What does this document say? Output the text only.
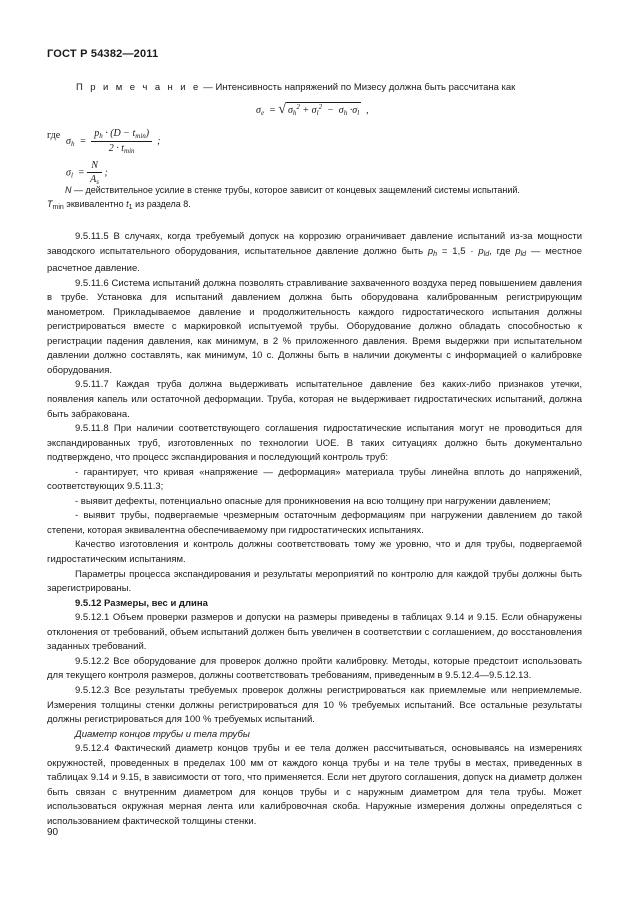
ГОСТ Р 54382—2011
П р и м е ч а н и е — Интенсивность напряжений по Мизесу должна быть рассчитана как
$\sigma_e$  = √ $\sigma_h^2 + \sigma_l^2 - \sigma_h \cdot\sigma_l$  ,
где
$\sigma_h = \frac{p_h \cdot (D - t_{min})}{2 \cdot t_{min}}$ ;
$\sigma_l = \frac{N}{A_s}$ ;

N — действительное усилие в стенке трубы, которое зависит от концевых защемлений системы испытаний.

$T_{min}$ эквивалентно $t_1$ из раздела 8.

9.5.11.5 В случаях, когда требуемый допуск на коррозию ограничивает давление испытаний из-за мощности заводского испытательного оборудования, испытательное давление должно быть $p_h = 1,5 \cdot p_{ld}$, где $p_{ld}$ — местное расчетное давление.

9.5.11.6 Система испытаний должна позволять стравливание захваченного воздуха перед повышением давления в трубе. Установка для испытаний давлением должна быть оборудована калиброванным регистрирующим манометром. Прикладываемое давление и продолжительность каждого гидростатического испытания должны регистрироваться вместе с маркировкой испытуемой трубы. Оборудование должно обладать способностью к регистрации падения давления, как минимум, в 2 % приложенного давления. Время выдержки при испытательном давлении должно составлять, как минимум, 10 с. Должны быть в наличии документы с информацией о калибровке оборудования.

9.5.11.7 Каждая труба должна выдерживать испытательное давление без каких-либо признаков утечки, появления капель или остаточной деформации. Труба, которая не выдерживает гидростатических испытаний, должна быть забракована.

9.5.11.8 При наличии соответствующего соглашения гидростатические испытания могут не проводиться для экспандированных труб, изготовленных по технологии UOE. В таких ситуациях должно быть документально подтверждено, что процесс экспандирования и последующий контроль труб:

- гарантирует, что кривая «напряжение — деформация» материала трубы линейна вплоть до напряжений, соответствующих 9.5.11.3;

- выявит дефекты, потенциально опасные для проникновения на всю толщину при нагружении давлением;

- выявит трубы, подвергаемые чрезмерным остаточным деформациям при нагружении давлением до такой степени, которая эквивалентна обеспечиваемому при гидростатических испытаниях.

Качество изготовления и контроль должны соответствовать тому же уровню, что и для трубы, подвергаемой гидростатическим испытаниям.

Параметры процесса экспандирования и результаты мероприятий по контролю для каждой трубы должны быть зарегистрированы.

9.5.12 Размеры, вес и длина

9.5.12.1 Объем проверки размеров и допуски на размеры приведены в таблицах 9.14 и 9.15. Если обнаружены отклонения от требований, объем испытаний должен быть увеличен в соответствии с соглашением, до восстановления заданных требований.

9.5.12.2 Все оборудование для проверок должно пройти калибровку. Методы, которые предстоит использовать для текущего контроля размеров, должны соответствовать требованиям, приведенным в 9.5.12.4—9.5.12.13.

9.5.12.3 Все результаты требуемых проверок должны регистрироваться как приемлемые или неприемлемые. Измерения толщины стенки должны регистрироваться для 10 % требуемых испытаний. Все остальные результаты должны регистрироваться для 100 % требуемых испытаний.

Диаметр концов трубы и тела трубы

9.5.12.4 Фактический диаметр концов трубы и ее тела должен рассчитываться, основываясь на измерениях окружностей, проведенных в пределах 100 мм от каждого конца трубы и на теле трубы в местах, приведенных в таблицах 9.14 и 9.15, в зависимости от того, что применяется. Если нет другого соглашения, допуск на диаметр должен быть связан с внутренним диаметром для концов трубы и с наружным диаметром для тела трубы. Может использоваться окружная мерная лента или калибровочная скоба. Наружные измерения должны определяться с использованием фактической толщины стенки.

90
